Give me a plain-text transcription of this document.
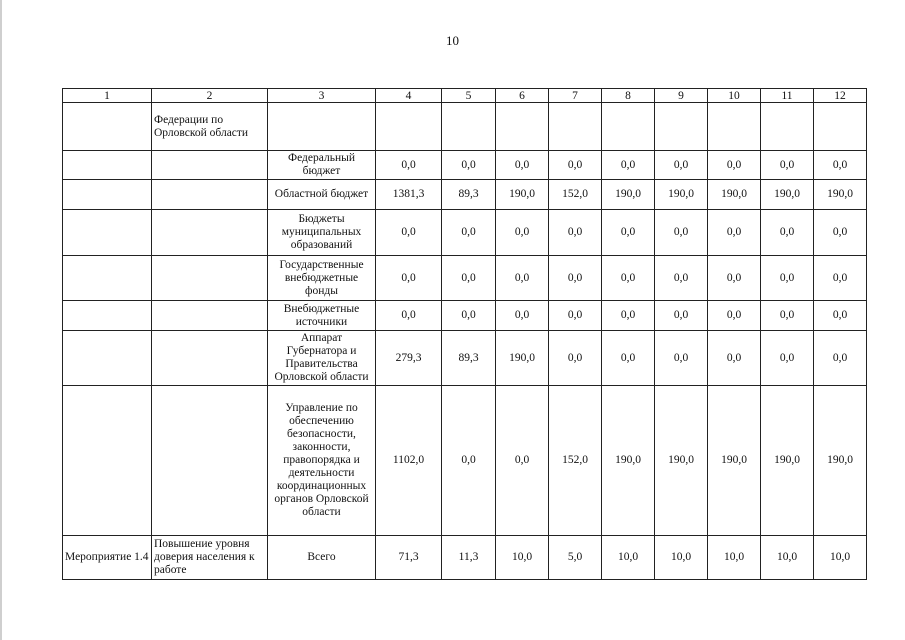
10
1	2	3	4	5	6	7	8	9	10	11	12
	Федерации по Орловской области										
		Федеральный бюджет	0,0	0,0	0,0	0,0	0,0	0,0	0,0	0,0	0,0
		Областной бюджет	1381,3	89,3	190,0	152,0	190,0	190,0	190,0	190,0	190,0
		Бюджеты муниципальных образований	0,0	0,0	0,0	0,0	0,0	0,0	0,0	0,0	0,0
		Государственные внебюджетные фонды	0,0	0,0	0,0	0,0	0,0	0,0	0,0	0,0	0,0
		Внебюджетные источники	0,0	0,0	0,0	0,0	0,0	0,0	0,0	0,0	0,0
		Аппарат Губернатора и Правительства Орловской области	279,3	89,3	190,0	0,0	0,0	0,0	0,0	0,0	0,0
		Управление по обеспечению безопасности, законности, правопорядка и деятельности координационных органов Орловской области	1102,0	0,0	0,0	152,0	190,0	190,0	190,0	190,0	190,0
Мероприятие 1.4	Повышение уровня доверия населения к работе	Всего	71,3	11,3	10,0	5,0	10,0	10,0	10,0	10,0	10,0
